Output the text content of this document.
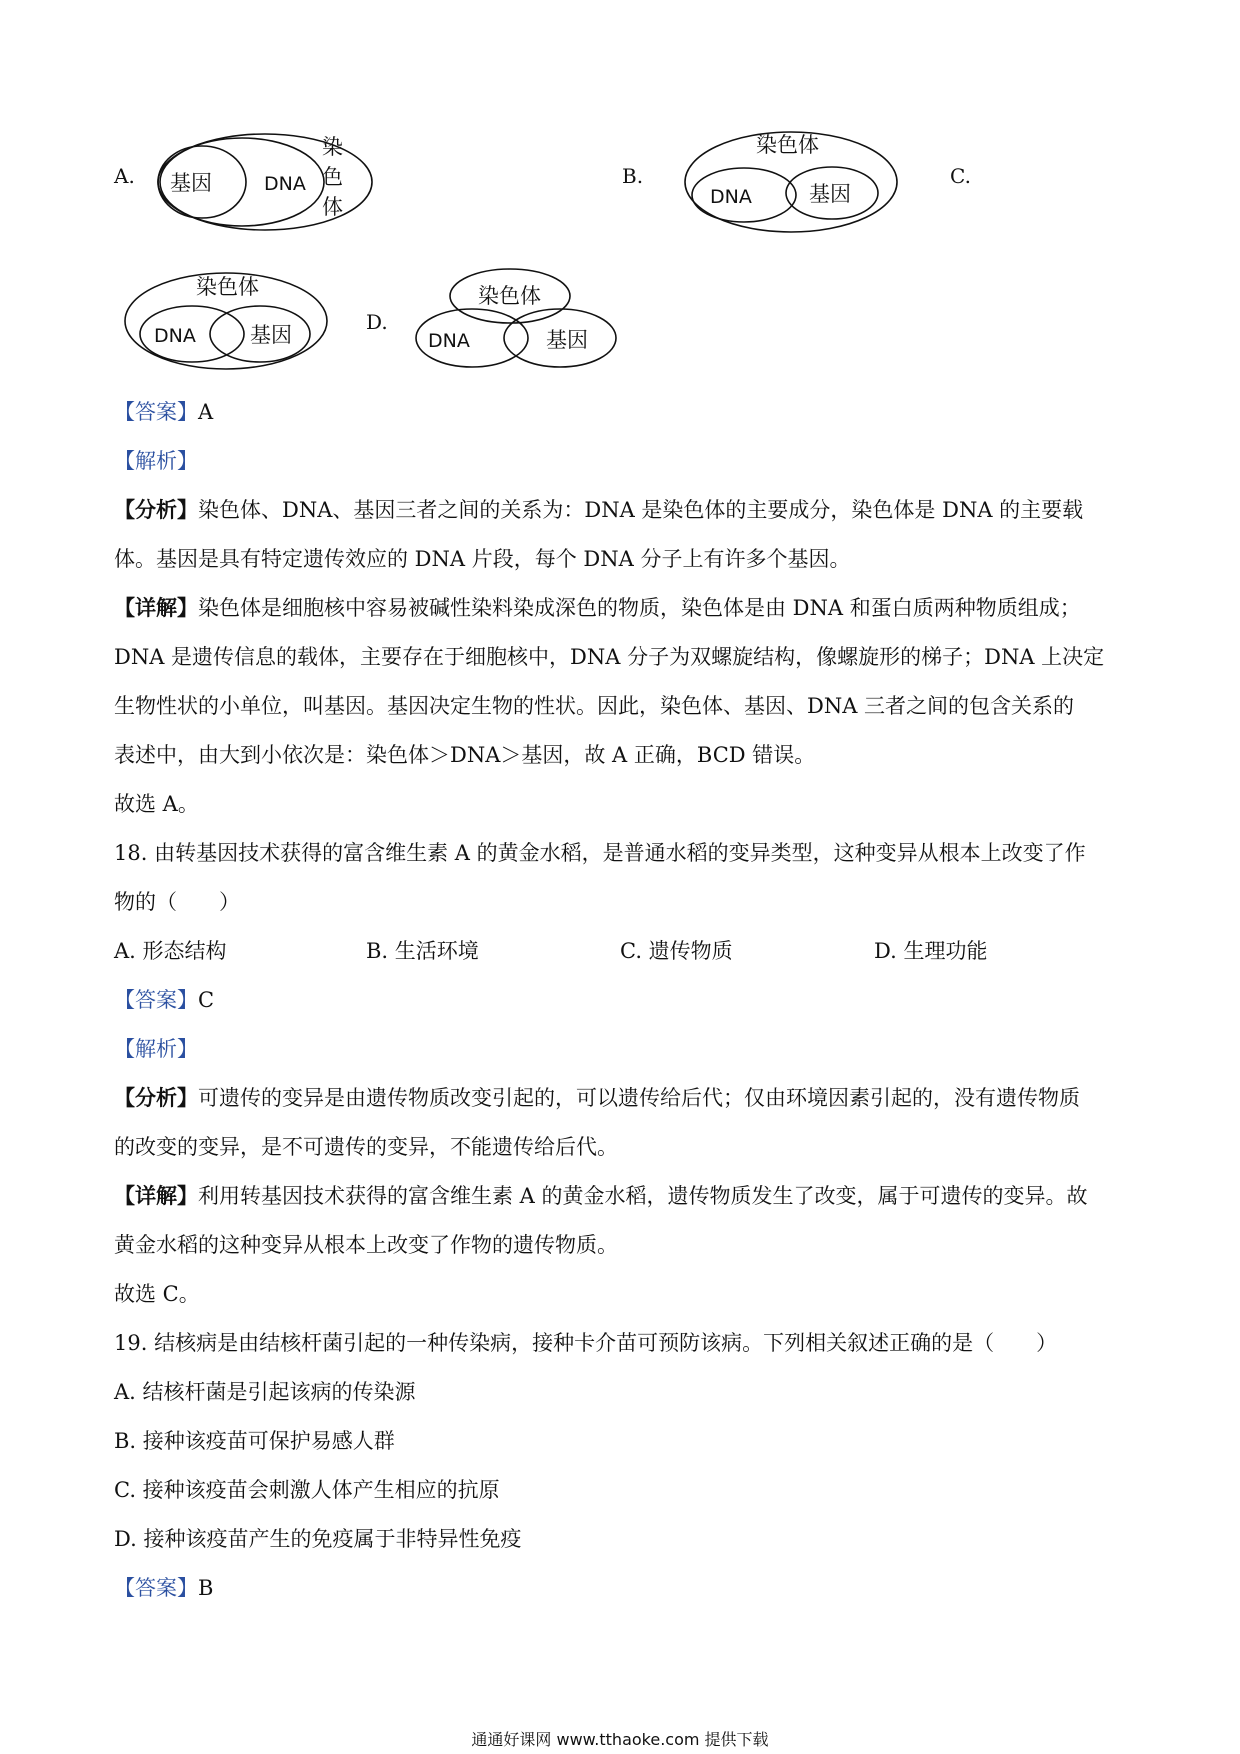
A. 基因	DNA
染
色
体
B.
染色体
DNA	基因
C.
染色体
DNA	基因
D.
染色体
DNA	基因
【答案】A
【解析】
【分析】染色体、DNA、基因三者之间的关系为：DNA 是染色体的主要成分，染色体是 DNA 的主要载
体。基因是具有特定遗传效应的 DNA 片段，每个 DNA 分子上有许多个基因。
【详解】染色体是细胞核中容易被碱性染料染成深色的物质，染色体是由 DNA 和蛋白质两种物质组成；
DNA 是遗传信息的载体，主要存在于细胞核中，DNA 分子为双螺旋结构，像螺旋形的梯子；DNA 上决定
生物性状的小单位，叫基因。基因决定生物的性状。因此，染色体、基因、DNA 三者之间的包含关系的
表述中，由大到小依次是：染色体＞DNA＞基因，故 A 正确，BCD 错误。
故选 A。
18. 由转基因技术获得的富含维生素 A 的黄金水稻，是普通水稻的变异类型，这种变异从根本上改变了作
物的（　　）
A. 形态结构	B. 生活环境	C. 遗传物质	D. 生理功能
【答案】C
【解析】
【分析】可遗传的变异是由遗传物质改变引起的，可以遗传给后代；仅由环境因素引起的，没有遗传物质
的改变的变异，是不可遗传的变异，不能遗传给后代。
【详解】利用转基因技术获得的富含维生素 A 的黄金水稻，遗传物质发生了改变，属于可遗传的变异。故
黄金水稻的这种变异从根本上改变了作物的遗传物质。
故选 C。
19. 结核病是由结核杆菌引起的一种传染病，接种卡介苗可预防该病。下列相关叙述正确的是（　　）
A. 结核杆菌是引起该病的传染源
B. 接种该疫苗可保护易感人群
C. 接种该疫苗会刺激人体产生相应的抗原
D. 接种该疫苗产生的免疫属于非特异性免疫
【答案】B
通通好课网 www.tthaoke.com 提供下载
